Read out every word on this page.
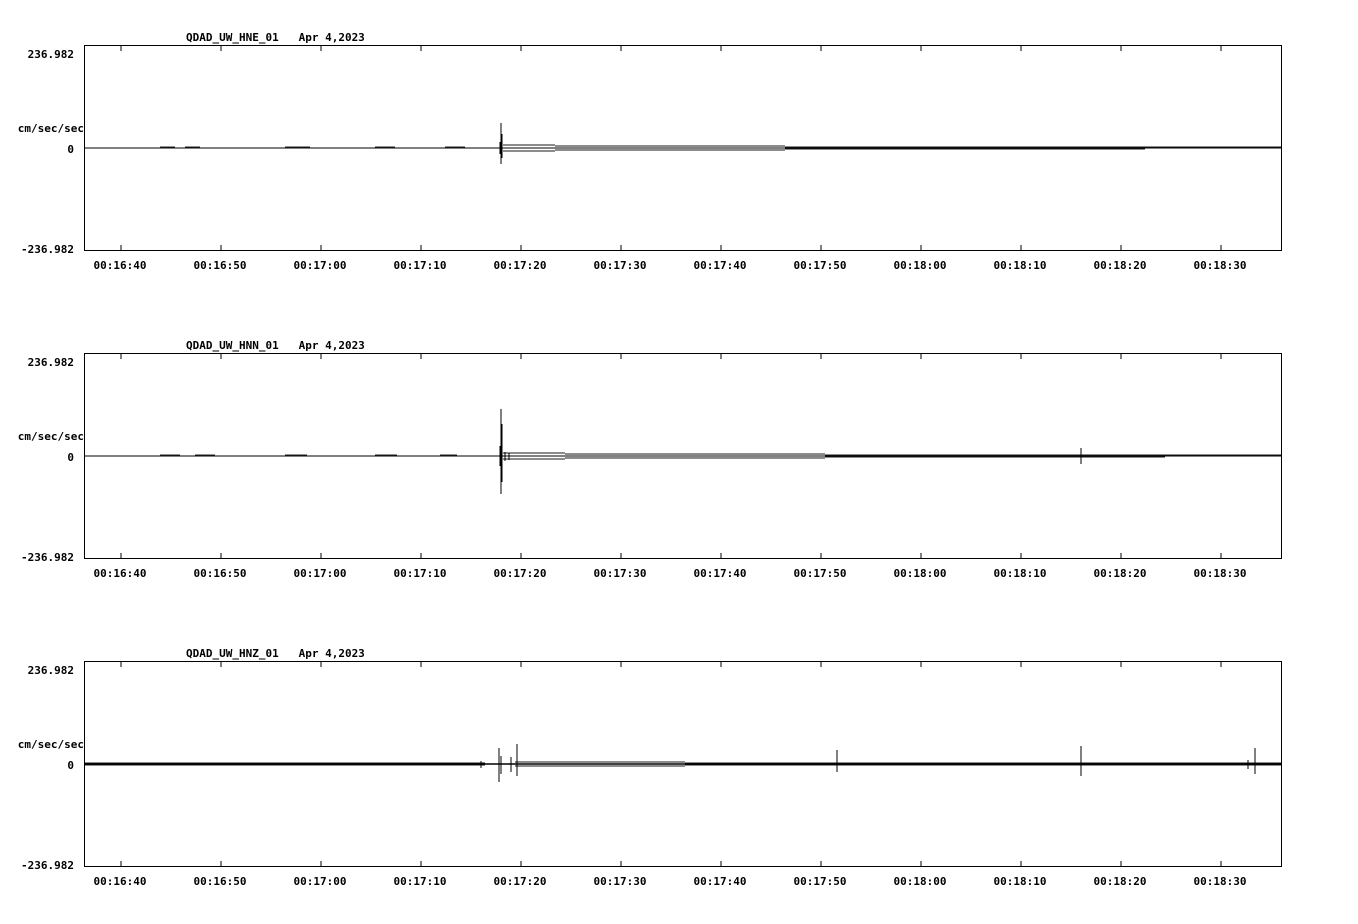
QDAD_UW_HNE_01   Apr 4,2023
236.982
cm/sec/sec
0
-236.982
00:16:40	00:16:50	00:17:00	00:17:10	00:17:20	00:17:30	00:17:40	00:17:50	00:18:00	00:18:10	00:18:20	00:18:30
QDAD_UW_HNN_01   Apr 4,2023
236.982
cm/sec/sec
0
-236.982
00:16:40	00:16:50	00:17:00	00:17:10	00:17:20	00:17:30	00:17:40	00:17:50	00:18:00	00:18:10	00:18:20	00:18:30
QDAD_UW_HNZ_01   Apr 4,2023
236.982
cm/sec/sec
0
-236.982
00:16:40	00:16:50	00:17:00	00:17:10	00:17:20	00:17:30	00:17:40	00:17:50	00:18:00	00:18:10	00:18:20	00:18:30
